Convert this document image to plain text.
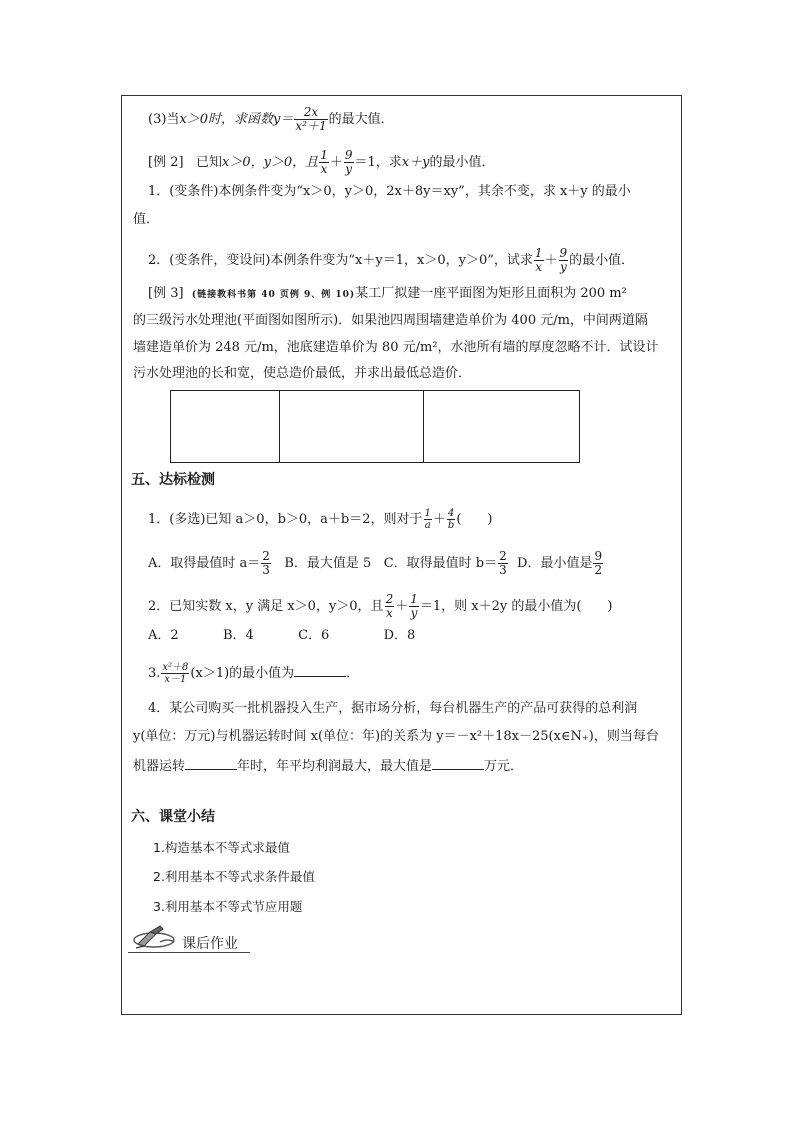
(3)当x＞0时，求函数$y= \frac{2x}{\text{x²＋1}}$ 的最大值．
[例 2] 已知x＞0，y＞0，且 $\frac{1}{x} + \frac{9}{y} =1$，求x＋y的最小值．
1．(变条件)本例条件变为“x＞0，y＞0，2x＋8y＝xy”，其余不变，求 x＋y 的最小
值．
2．(变条件，变设问)本例条件变为“x＋y＝1，x＞0，y＞0”，试求 $\frac{1}{x} + \frac{9}{y}$ 的最小值．
[例 3] (链接教科书第 40 页例 9、例 10)某工厂拟建一座平面图为矩形且面积为 200 m²
的三级污水处理池(平面图如图所示)．如果池四周围墙建造单价为 400 元/m，中间两道隔
墙建造单价为 248 元/m，池底建造单价为 80 元/m²，水池所有墙的厚度忽略不计．试设计
污水处理池的长和宽，使总造价最低，并求出最低总造价．
五、达标检测
1．(多选)已知 a＞0，b＞0，a＋b＝2，则对于 $\frac{1}{a} + \frac{4}{b}$ (　　)
A．取得最值时 $a= \frac{2}{3}$ B．最大值是 5 C．取得最值时 $b= \frac{2}{3}$ D．最小值是 $\frac{9}{2}$
2．已知实数 x，y 满足 x＞0，y＞0，且 $\frac{2}{x} + \frac{1}{y} =1$，则 x＋2y 的最小值为(　　)
A．2	B．4	C．6	D．8
3. $\frac{\text{x²＋8}}{x-1} (x>1)$的最小值为	．
4．某公司购买一批机器投入生产，据市场分析，每台机器生产的产品可获得的总利润
y(单位：万元)与机器运转时间 x(单位：年)的关系为 y＝－x²＋18x－25(x∈N₊)，则当每台
机器运转	年时，年平均利润最大，最大值是	万元．
六、课堂小结
1.构造基本不等式求最值
2.利用基本不等式求条件最值
3.利用基本不等式节应用题
课后作业
